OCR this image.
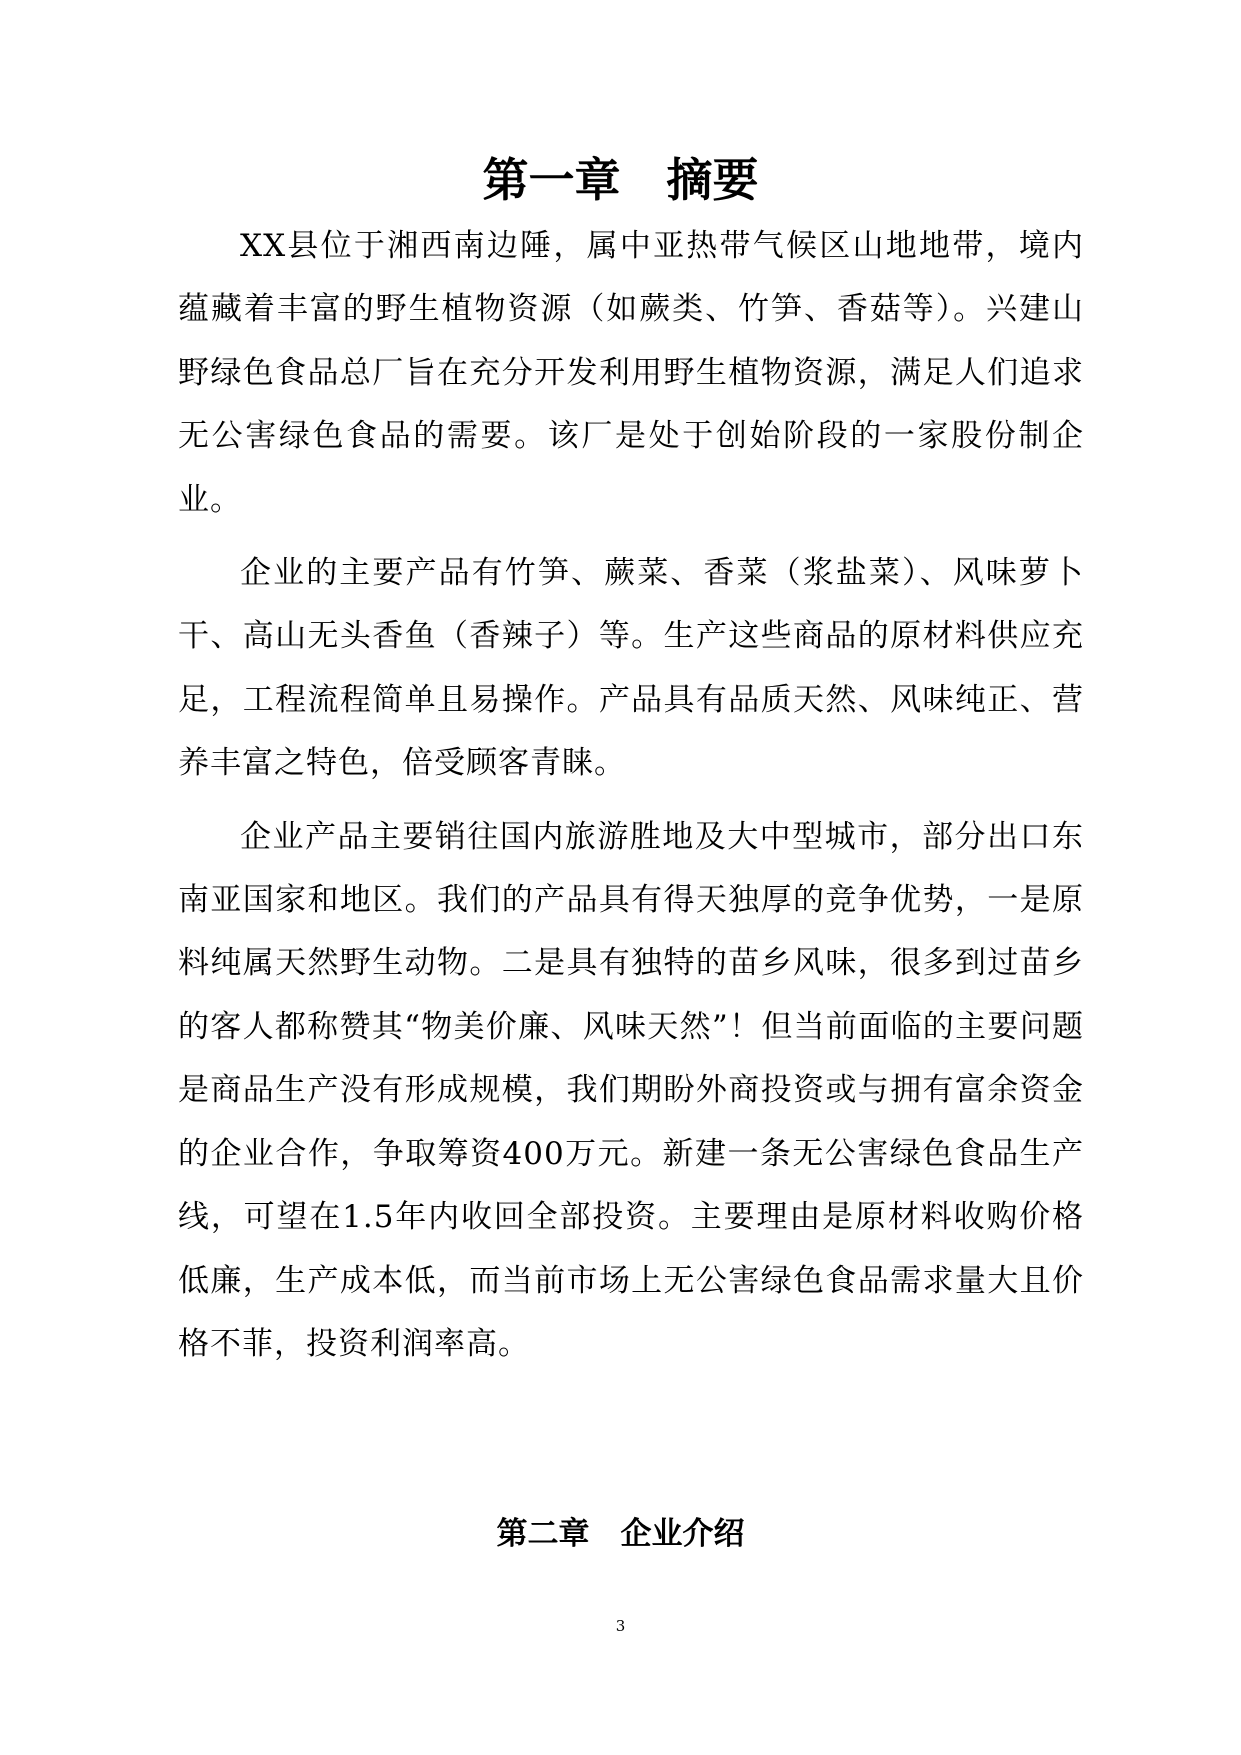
第一章　摘要

XX县位于湘西南边陲，属中亚热带气候区山地地带，境内蕴藏着丰富的野生植物资源（如蕨类、竹笋、香菇等）。兴建山野绿色食品总厂旨在充分开发利用野生植物资源，满足人们追求无公害绿色食品的需要。该厂是处于创始阶段的一家股份制企业。

企业的主要产品有竹笋、蕨菜、香菜（浆盐菜）、风味萝卜干、高山无头香鱼（香辣子）等。生产这些商品的原材料供应充足，工程流程简单且易操作。产品具有品质天然、风味纯正、营养丰富之特色，倍受顾客青睐。

企业产品主要销往国内旅游胜地及大中型城市，部分出口东南亚国家和地区。我们的产品具有得天独厚的竞争优势，一是原料纯属天然野生动物。二是具有独特的苗乡风味，很多到过苗乡的客人都称赞其“物美价廉、风味天然”！但当前面临的主要问题是商品生产没有形成规模，我们期盼外商投资或与拥有富余资金的企业合作，争取筹资400万元。新建一条无公害绿色食品生产线，可望在1.5年内收回全部投资。主要理由是原材料收购价格低廉，生产成本低，而当前市场上无公害绿色食品需求量大且价格不菲，投资利润率高。

第二章　企业介绍
3
